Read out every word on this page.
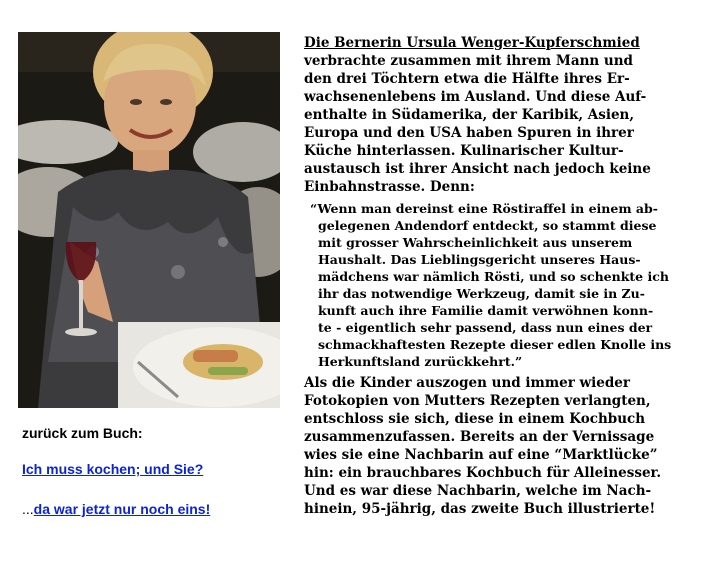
zurück zum Buch:
Ich muss kochen; und Sie?
...da war jetzt nur noch eins!
Die Bernerin Ursula Wenger-Kupferschmied
verbrachte zusammen mit ihrem Mann und
den drei Töchtern etwa die Hälfte ihres Er-
wachsenenlebens im Ausland. Und diese Auf-
enthalte in Südamerika, der Karibik, Asien,
Europa und den USA haben Spuren in ihrer
Küche hinterlassen. Kulinarischer Kultur-
austausch ist ihrer Ansicht nach jedoch keine
Einbahnstrasse. Denn:
“Wenn man dereinst eine Röstiraffel in einem ab-
gelegenen Andendorf entdeckt, so stammt diese
mit grosser Wahrscheinlichkeit aus unserem
Haushalt. Das Lieblingsgericht unseres Haus-
mädchens war nämlich Rösti, und so schenkte ich
ihr das notwendige Werkzeug, damit sie in Zu-
kunft auch ihre Familie damit verwöhnen konn-
te - eigentlich sehr passend, dass nun eines der
schmackhaftesten Rezepte dieser edlen Knolle ins
Herkunftsland zurückkehrt.”
Als die Kinder auszogen und immer wieder
Fotokopien von Mutters Rezepten verlangten,
entschloss sie sich, diese in einem Kochbuch
zusammenzufassen. Bereits an der Vernissage
wies sie eine Nachbarin auf eine “Marktlücke”
hin: ein brauchbares Kochbuch für Alleinesser.
Und es war diese Nachbarin, welche im Nach-
hinein, 95-jährig, das zweite Buch illustrierte!
